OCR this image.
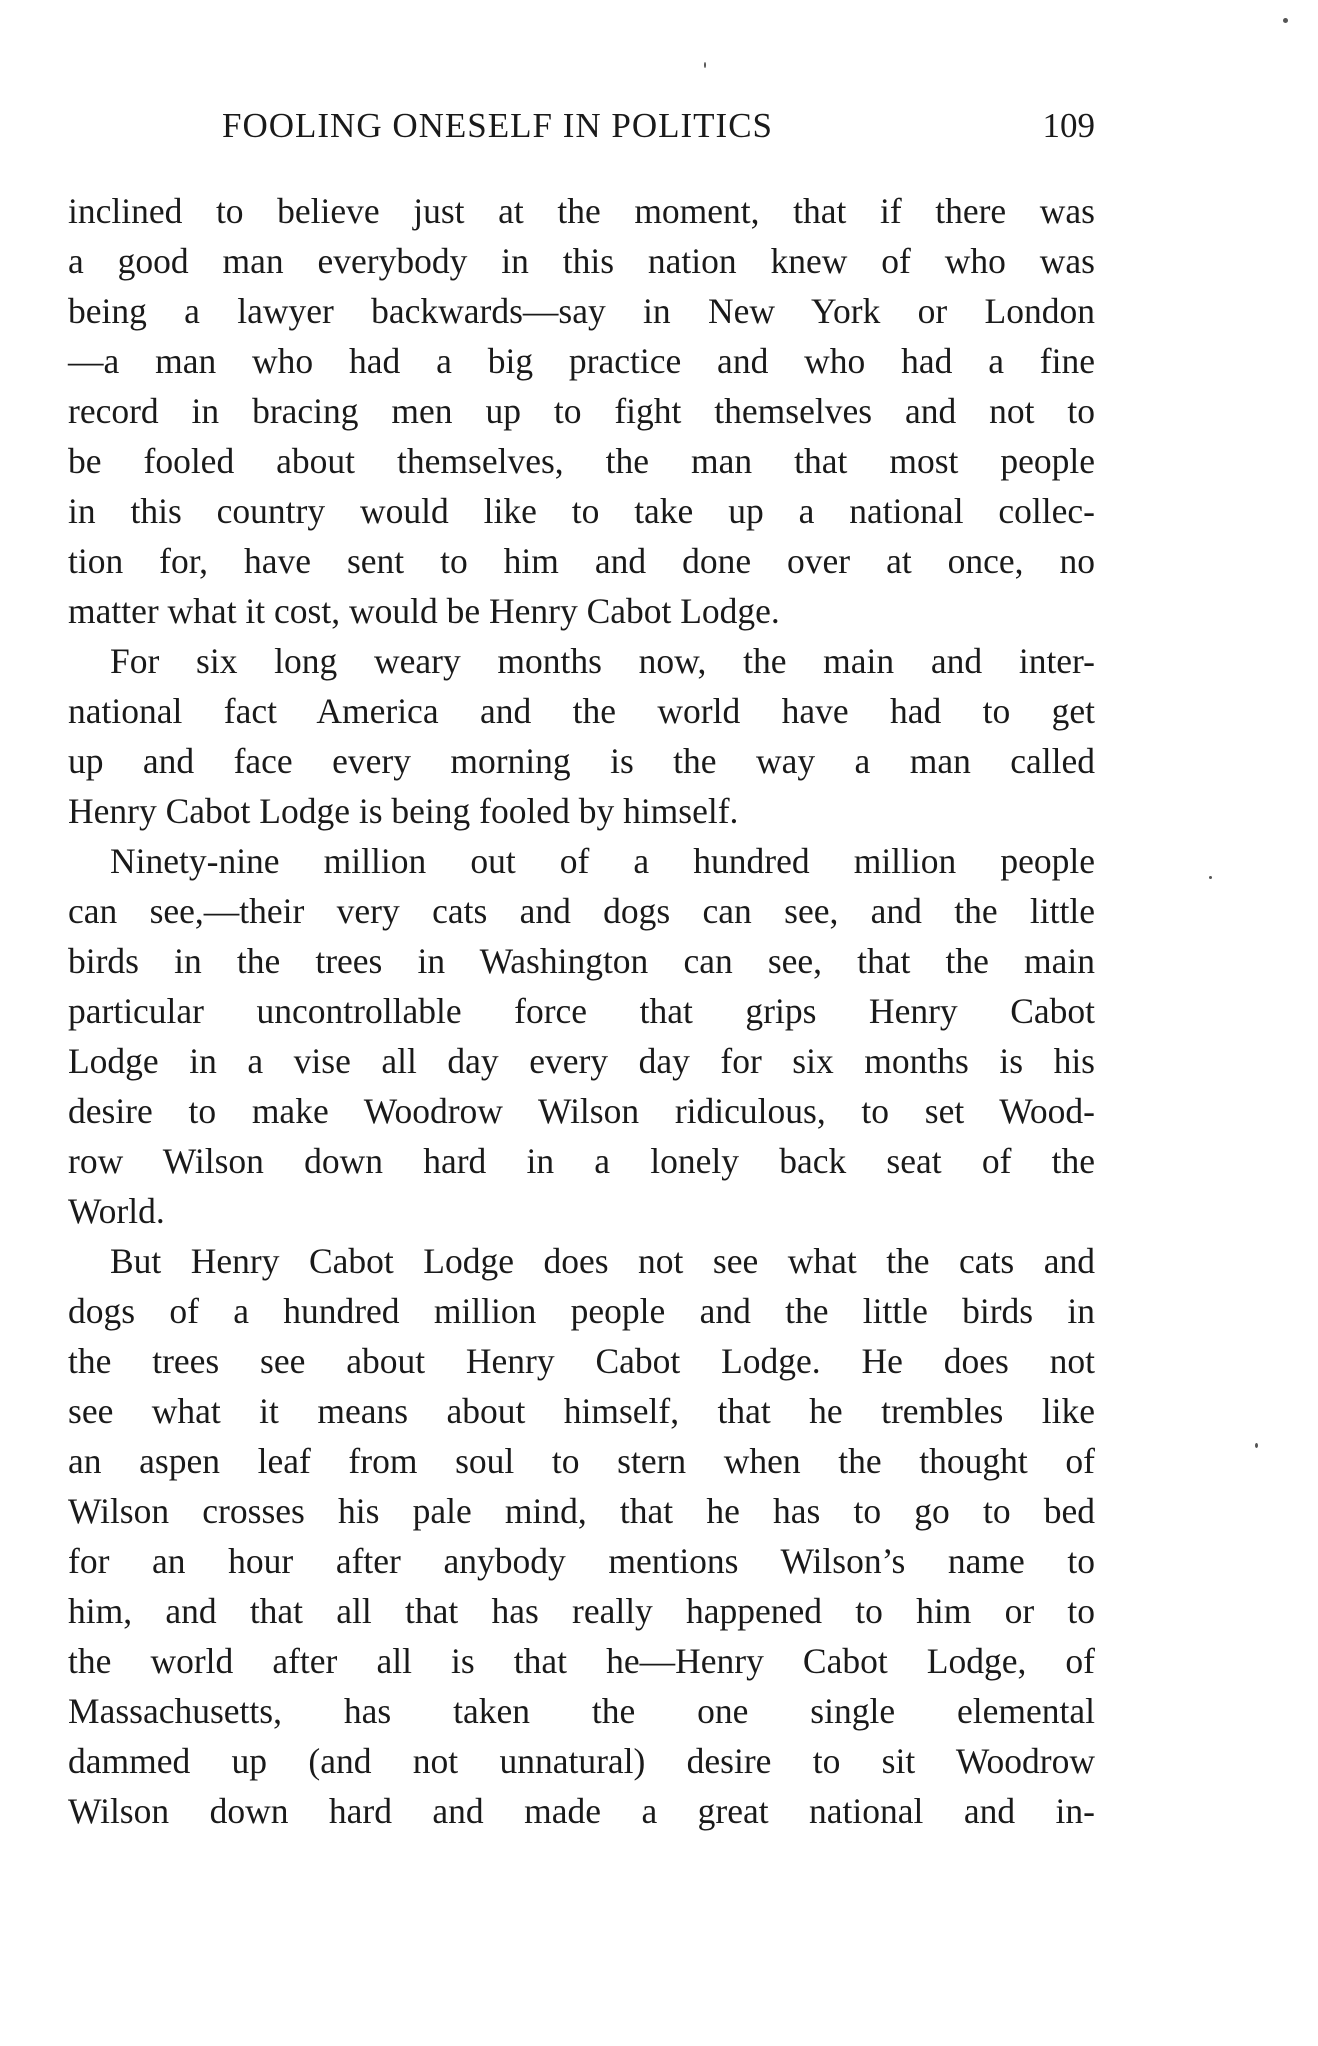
FOOLING ONESELF IN POLITICS	109
inclined to believe just at the moment, that if there was
a good man everybody in this nation knew of who was
being a lawyer backwards—say in New York or London
—a man who had a big practice and who had a fine
record in bracing men up to fight themselves and not to
be fooled about themselves, the man that most people
in this country would like to take up a national collec-
tion for, have sent to him and done over at once, no
matter what it cost, would be Henry Cabot Lodge.
For six long weary months now, the main and inter-
national fact America and the world have had to get
up and face every morning is the way a man called
Henry Cabot Lodge is being fooled by himself.
Ninety-nine million out of a hundred million people
can see,—their very cats and dogs can see, and the little
birds in the trees in Washington can see, that the main
particular uncontrollable force that grips Henry Cabot
Lodge in a vise all day every day for six months is his
desire to make Woodrow Wilson ridiculous, to set Wood-
row Wilson down hard in a lonely back seat of the
World.
But Henry Cabot Lodge does not see what the cats and
dogs of a hundred million people and the little birds in
the trees see about Henry Cabot Lodge. He does not
see what it means about himself, that he trembles like
an aspen leaf from soul to stern when the thought of
Wilson crosses his pale mind, that he has to go to bed
for an hour after anybody mentions Wilson’s name to
him, and that all that has really happened to him or to
the world after all is that he—Henry Cabot Lodge, of
Massachusetts, has taken the one single elemental
dammed up (and not unnatural) desire to sit Woodrow
Wilson down hard and made a great national and in-
